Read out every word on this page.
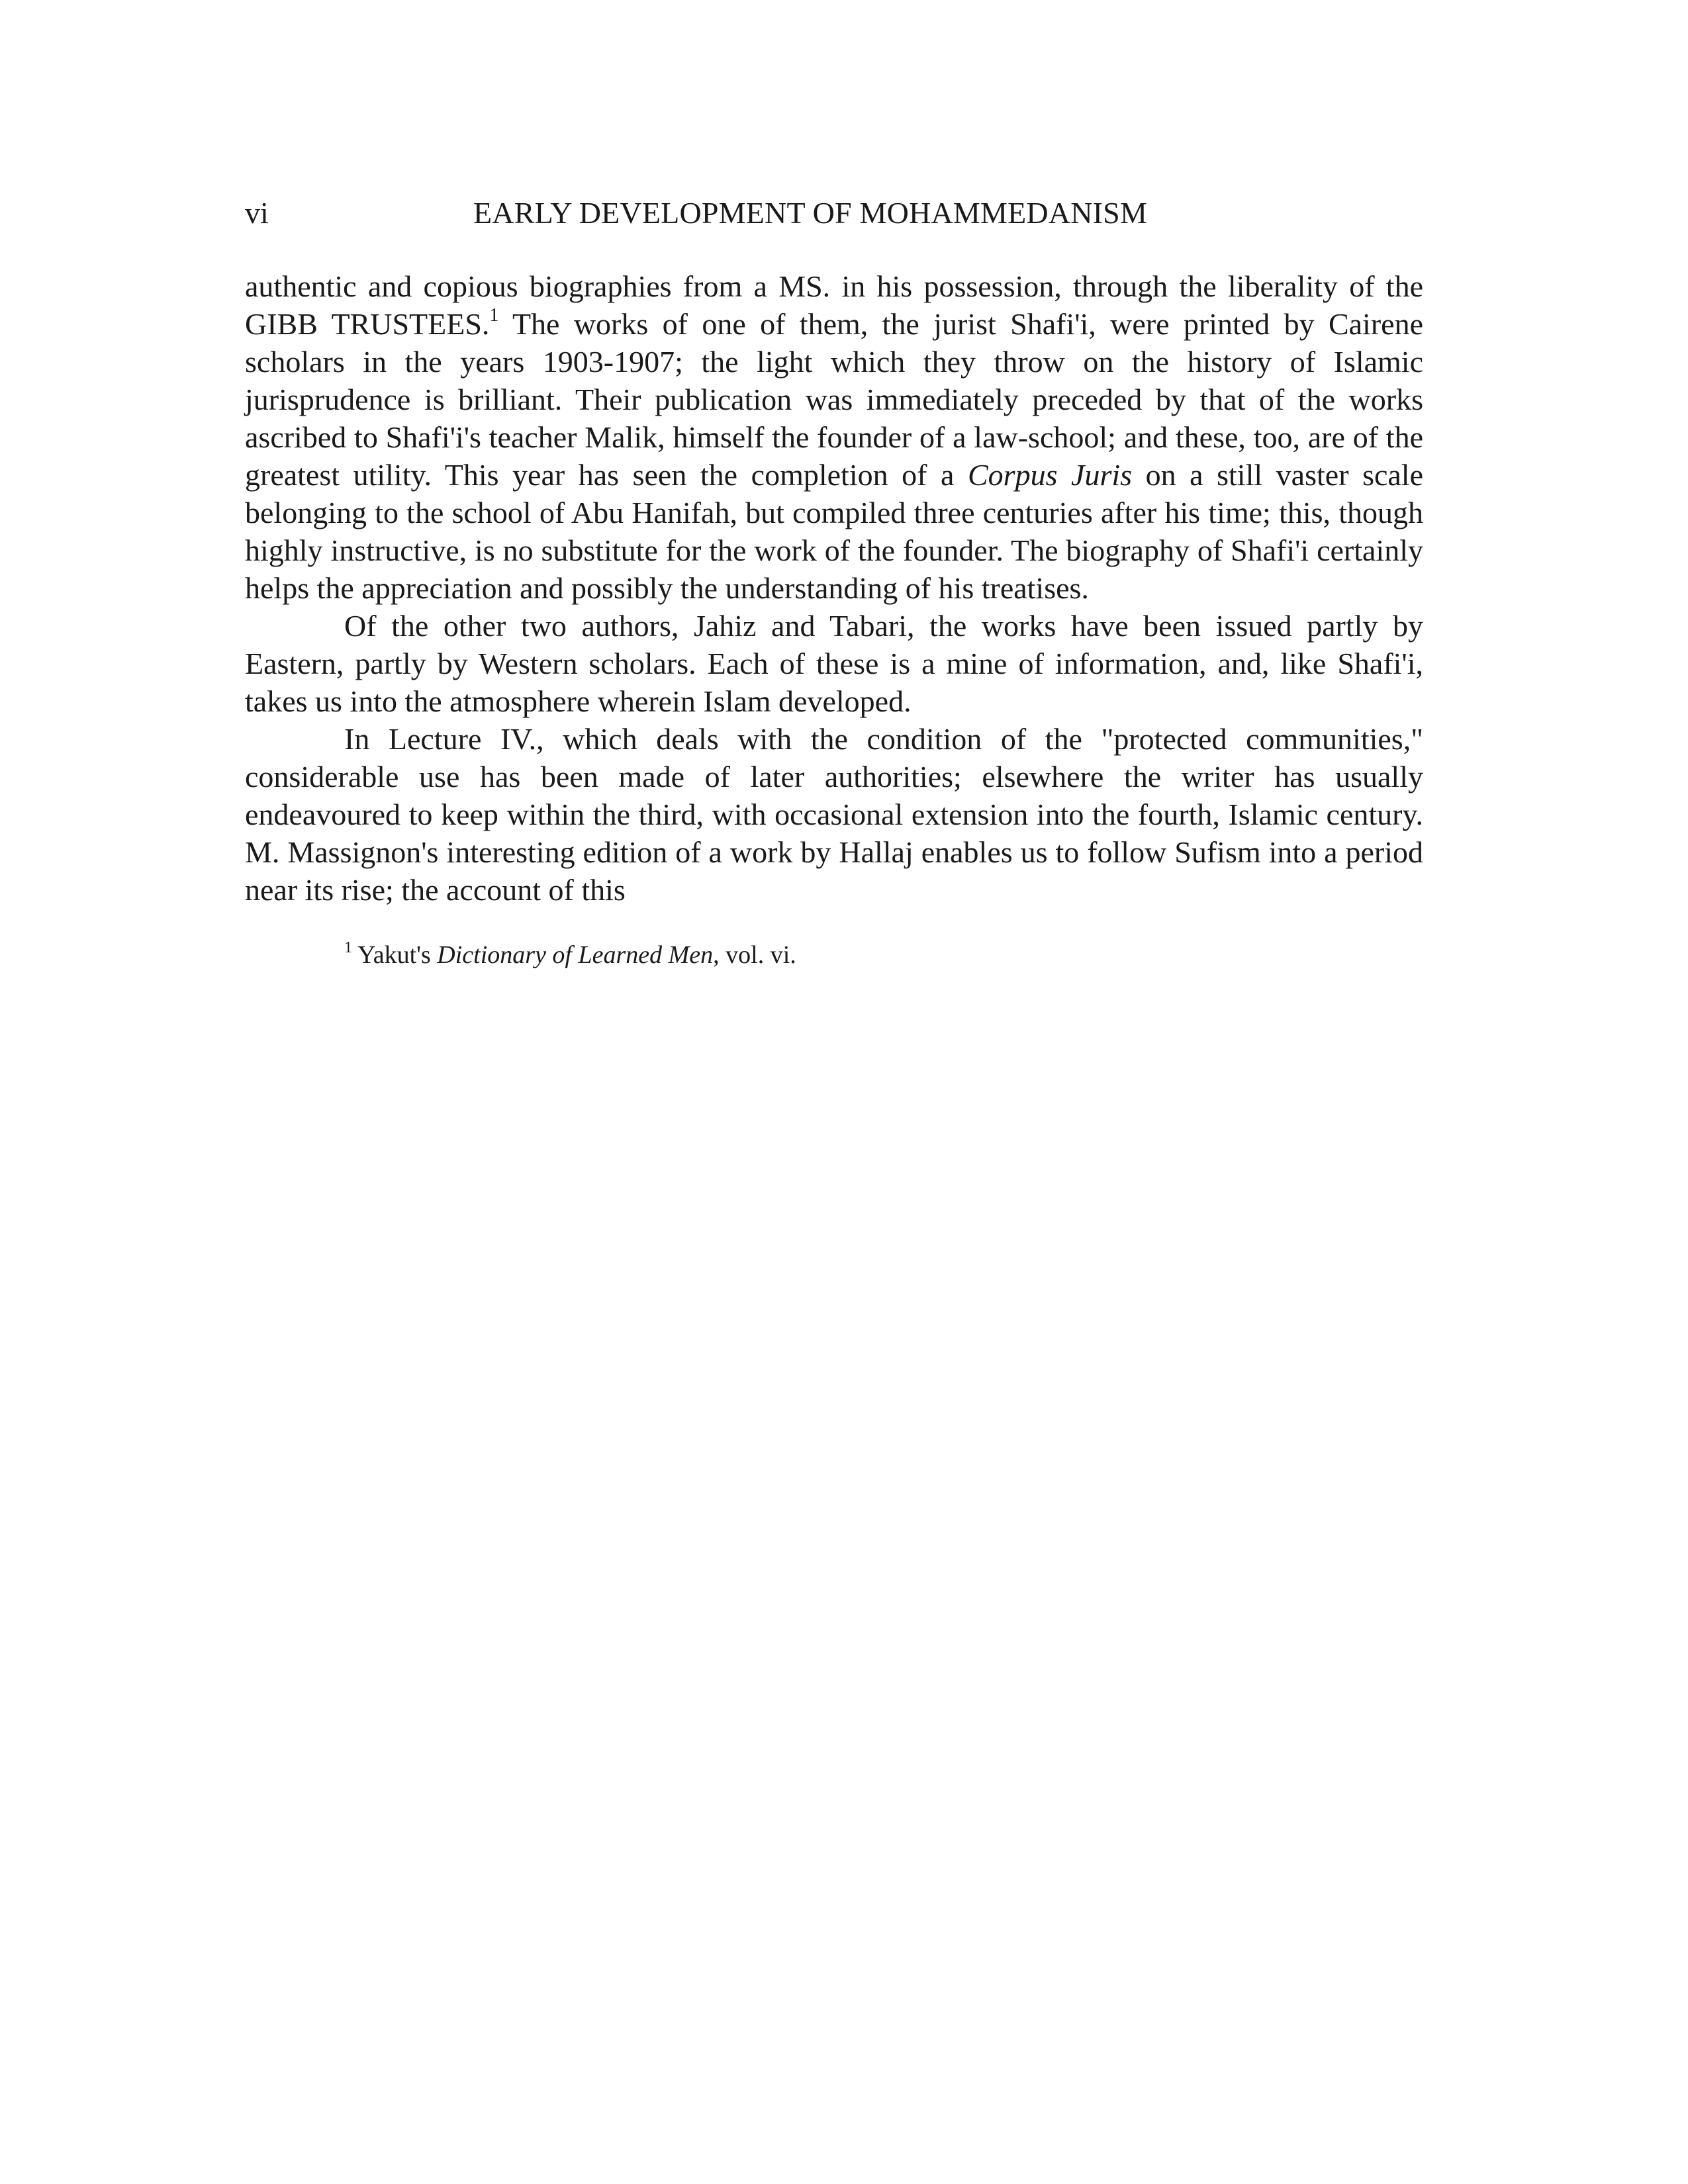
vi	EARLY DEVELOPMENT OF MOHAMMEDANISM

authentic and copious biographies from a MS. in his possession, through the liberality of the GIBB TRUSTEES.$^1$ The works of one of them, the jurist Shafi'i, were printed by Cairene scholars in the years 1903-1907; the light which they throw on the history of Islamic jurisprudence is brilliant. Their publication was immediately preceded by that of the works ascribed to Shafi'i's teacher Malik, himself the founder of a law-school; and these, too, are of the greatest utility. This year has seen the completion of a Corpus Juris on a still vaster scale belonging to the school of Abu Hanifah, but compiled three centuries after his time; this, though highly instructive, is no substitute for the work of the founder. The biography of Shafi'i certainly helps the appreciation and possibly the understanding of his treatises.

Of the other two authors, Jahiz and Tabari, the works have been issued partly by Eastern, partly by Western scholars. Each of these is a mine of information, and, like Shafi'i, takes us into the atmosphere wherein Islam developed.

In Lecture IV., which deals with the condition of the "protected communities," considerable use has been made of later authorities; elsewhere the writer has usually endeavoured to keep within the third, with occasional extension into the fourth, Islamic century. M. Massignon's interesting edition of a work by Hallaj enables us to follow Sufism into a period near its rise; the account of this

$^1$ Yakut's Dictionary of Learned Men, vol. vi.
